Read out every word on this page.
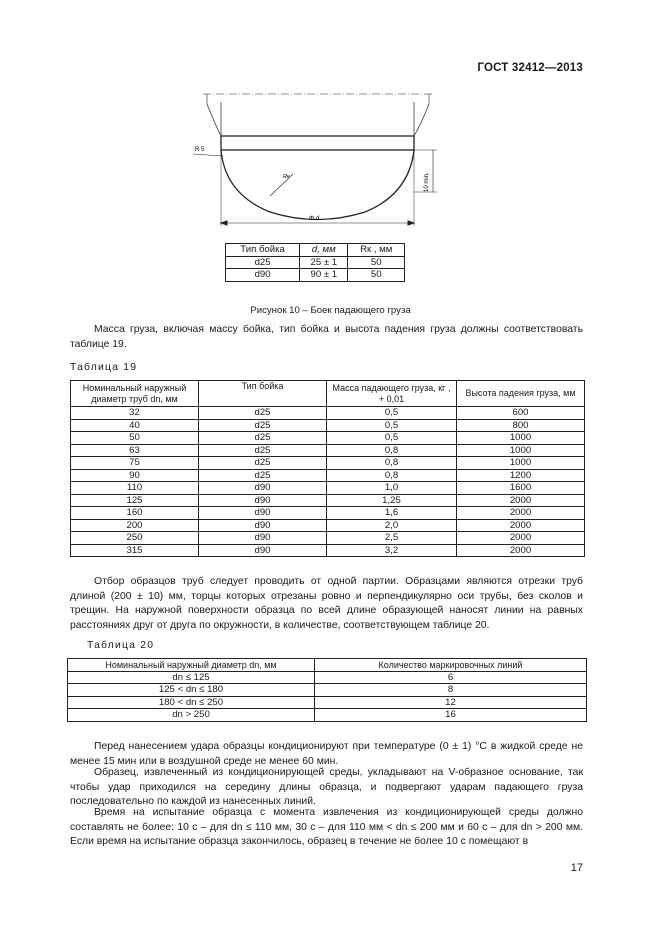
ГОСТ 32412—2013
R 5
Rк	10 min.
Φ d
Тип бойка	d, мм	Rк , мм
d25	25 ± 1	50
d90	90 ± 1	50
Рисунок 10 – Боек падающего груза
Масса груза, включая массу бойка, тип бойка и высота падения груза должны соответствовать таблице 19.
Таблица 19
Номинальный наружный диаметр труб dn, мм	Тип бойка	Масса падающего груза, кг , + 0,01	Высота падения груза, мм
32	d25	0,5	600
40	d25	0,5	800
50	d25	0,5	1000
63	d25	0,8	1000
75	d25	0,8	1000
90	d25	0,8	1200
110	d90	1,0	1600
125	d90	1,25	2000
160	d90	1,6	2000
200	d90	2,0	2000
250	d90	2,5	2000
315	d90	3,2	2000
Отбор образцов труб следует проводить от одной партии. Образцами являются отрезки труб длиной (200 ± 10) мм, торцы которых отрезаны ровно и перпендикулярно оси трубы, без сколов и трещин. На наружной поверхности образца по всей длине образующей наносят линии на равных расстояниях друг от друга по окружности, в количестве, соответствующем таблице 20.
Таблица 20
Номинальный наружный диаметр dn, мм	Количество маркировочных линий
dn ≤ 125	6
125 < dn ≤ 180	8
180 < dn ≤ 250	12
dn > 250	16
Перед нанесением удара образцы кондиционируют при температуре (0 ± 1) °С в жидкой среде не менее 15 мин или в воздушной среде не менее 60 мин.
Образец, извлеченный из кондиционирующей среды, укладывают на V-образное основание, так чтобы удар приходился на середину длины образца, и подвергают ударам падающего груза последовательно по каждой из нанесенных линий.
Время на испытание образца с момента извлечения из кондиционирующей среды должно составлять не более: 10 с – для dn ≤ 110 мм, 30 с – для 110 мм < dn ≤ 200 мм и 60 с – для dn > 200 мм. Если время на испытание образца закончилось, образец в течение не более 10 с помещают в
17
